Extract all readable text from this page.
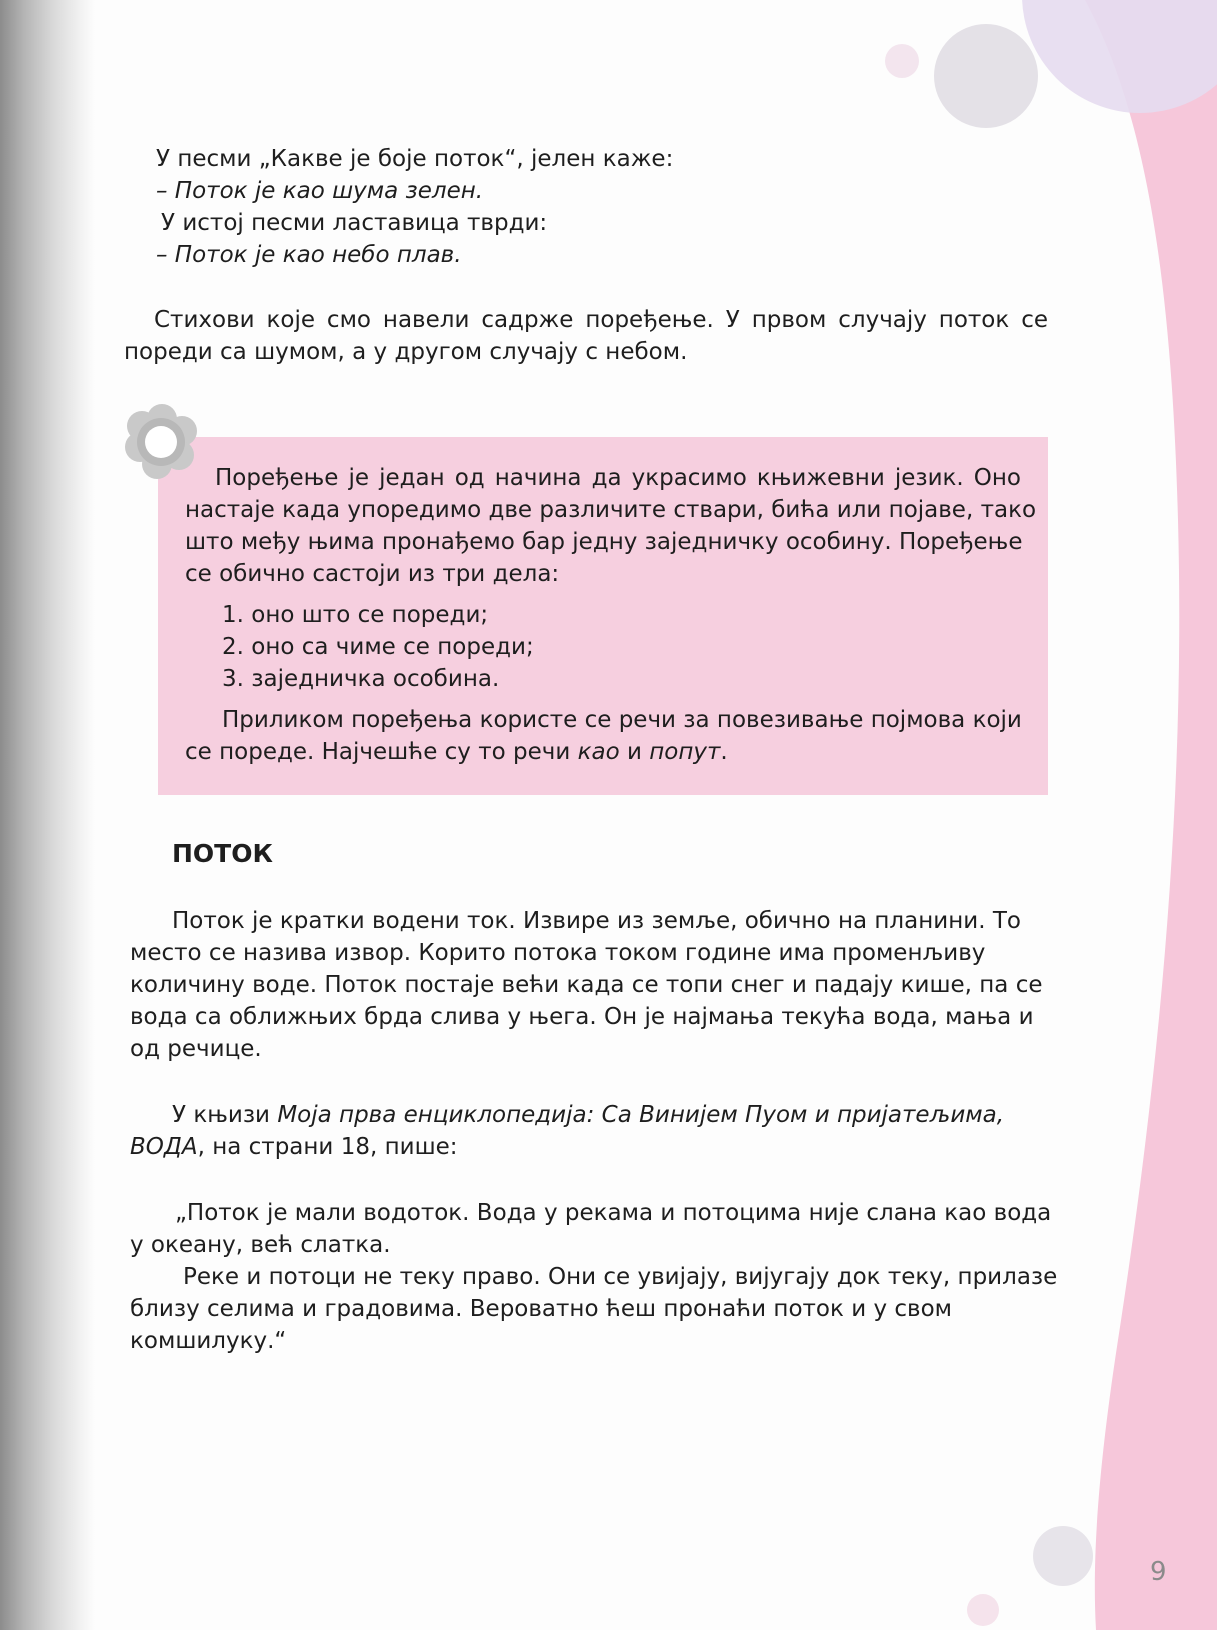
У песми „Какве је боје поток“, јелен каже:
– Поток је као шума зелен.
У истој песми ластавица тврди:
– Поток је као небо плав.
Стихови које смо навели садрже поређење. У првом случају поток се
пореди са шумом, а у другом случају с небом.
Поређење је један од начина да украсимо књижевни језик. Оно
настаје када упоредимо две различите ствари, бића или појаве, тако
што међу њима пронађемо бар једну заједничку особину. Поређење
се обично састоји из три дела:
1. оно што се пореди;
2. оно са чиме се пореди;
3. заједничка особина.
Приликом поређења користе се речи за повезивање појмова који
се пореде. Најчешће су то речи као и попут.
ПОТОК
Поток је кратки водени ток. Извире из земље, обично на планини. То
место се назива извор. Корито потока током године има променљиву
количину воде. Поток постаје већи када се топи снег и падају кише, па се
вода са оближњих брда слива у њега. Он је најмања текућа вода, мања и
од речице.
У књизи Моја прва енциклопедија: Са Винијем Пуом и пријатељима,
ВОДА, на страни 18, пише:
„Поток је мали водоток. Вода у рекама и потоцима није слана као вода
у океану, већ слатка.
Реке и потоци не теку право. Они се увијају, вијугају док теку, прилазе
близу селима и градовима. Вероватно ћеш пронаћи поток и у свом
комшилуку.“
9
